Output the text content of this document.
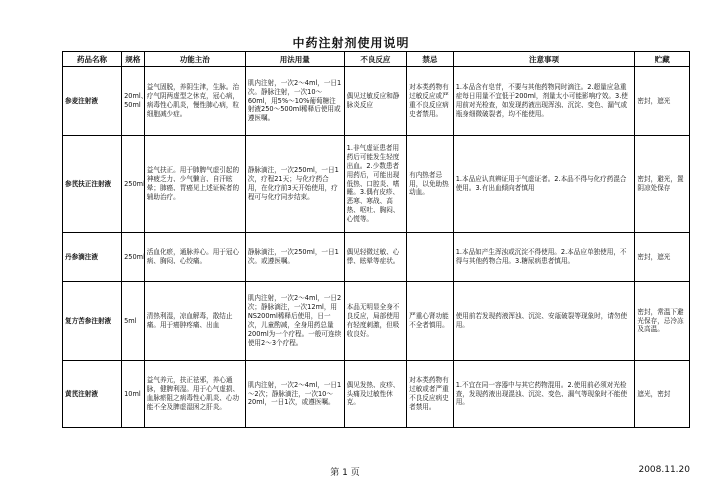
中药注射剂使用说明
药品名称	规格	功能主治	用法用量	不良反应	禁忌	注意事项	贮藏
参麦注射液	20ml、50ml	益气固脱，养阴生津，生脉。治疗气阴两虚型之休克，冠心病，病毒性心肌炎，慢性肺心病，粒细胞减少症。	肌内注射，一次2～4ml，一日1次。静脉注射，一次10～60ml，用5%～10%葡萄糖注射液250～500ml稀释后使用或遵医嘱。	偶见过敏反应和静脉炎反应	对本类药物有过敏反应或严重不良反应病史者禁用。	1.本品含有皂苷，不要与其他药物同时滴注。2.超量应急重症每日用量不宜低于200ml，剂量太小可能影响疗效。3.使用前对光检查，如发现药液出现浑浊、沉淀、变色、漏气或瓶身细微破裂者，均不能使用。	密封，遮光
参芪扶正注射液	250ml	益气扶正。用于肺脾气虚引起的神疲乏力、少气懒言、自汗眩晕；肺癌、胃癌见上述证候者的辅助治疗。	静脉滴注，一次250ml，一日1次，疗程21天；与化疗药合用，在化疗前3天开始使用，疗程可与化疗同步结束。	1.非气虚证患者用药后可能发生轻度出血。2.少数患者用药后，可能出现低热、口腔炎、嗜睡。3.偶有皮疹、恶寒、寒战、高热、呕吐、胸闷、心慌等。	有内热者忌用，以免助热动血。	1.本品应认真辨证用于气虚证者。2.本品不得与化疗药混合使用。3.有出血倾向者慎用	密封，避光，置阴凉处保存
丹参滴注液	250ml	活血化瘀，通脉养心。用于冠心病、胸闷、心绞痛。	静脉滴注，一次250ml，一日1次。或遵医嘱。	偶见轻微过敏、心悸、眩晕等症状。		1.本品如产生浑浊或沉淀不得使用。2.本品应单独使用，不得与其他药物合用。3.糖尿病患者慎用。	密封，遮光
复方苦参注射液	5ml	清热利湿，凉血解毒，散结止痛。用于癌肿疼痛、出血	肌内注射，一次2～4ml，一日2次；静脉滴注，一次12ml，用NS200ml稀释后使用，日一次，儿童酌减，全身用药总量200ml为一个疗程。一般可连续使用2～3个疗程。	本品无明显全身不良反应，局部使用有轻度刺激，但吸收良好。	严重心肾功能不全者慎用。	使用前若发现药液浑浊、沉淀、安瓿破裂等现象时，请勿使用。	密封，常温下避光保存，忌冷冻及高温。
黄芪注射液	10ml	益气养元，扶正祛邪，养心通脉，健脾利湿。用于心气虚损、血脉瘀阻之病毒性心肌炎、心功能不全及脾虚湿困之肝炎。	肌内注射，一次2～4ml，一日1～2次；静脉滴注，一次10～20ml，一日1次，或遵医嘱。	偶见发热、皮疹、头痛及过敏性休克。	对本类药物有过敏或者严重不良反应病史者禁用。	1.不宜在同一容器中与其它药物混用。2.使用前必须对光检查，发现药液出现混浊、沉淀、变色、漏气等现象时不能使用。	遮光，密封
第 1 页	2008.11.20
